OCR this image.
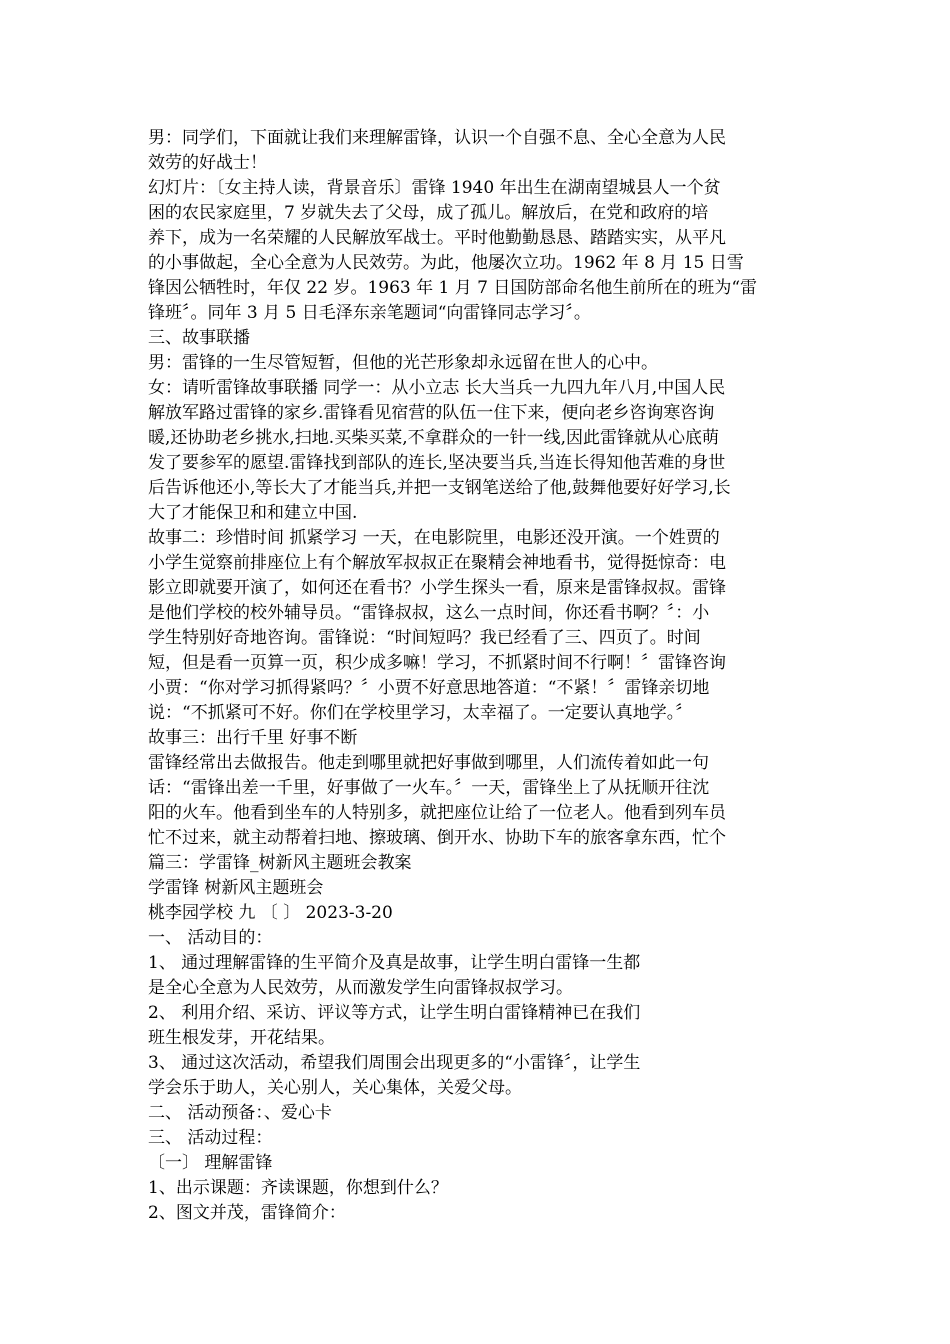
男：同学们，下面就让我们来理解雷锋，认识一个自强不息、全心全意为人民
效劳的好战士！
幻灯片：〔女主持人读，背景音乐〕雷锋 1940 年出生在湖南望城县人一个贫
困的农民家庭里，7 岁就失去了父母，成了孤儿。解放后，在党和政府的培
养下，成为一名荣耀的人民解放军战士。平时他勤勤恳恳、踏踏实实，从平凡
的小事做起，全心全意为人民效劳。为此，他屡次立功。1962 年 8 月 15 日雪
锋因公牺牲时，年仅 22 岁。1963 年 1 月 7 日国防部命名他生前所在的班为“雷
锋班〞。同年 3 月 5 日毛泽东亲笔题词“向雷锋同志学习〞。
三、故事联播
男：雷锋的一生尽管短暂，但他的光芒形象却永远留在世人的心中。
女：请听雷锋故事联播 同学一：从小立志 长大当兵一九四九年八月,中国人民
解放军路过雷锋的家乡.雷锋看见宿营的队伍一住下来，便向老乡咨询寒咨询
暖,还协助老乡挑水,扫地.买柴买菜,不拿群众的一针一线,因此雷锋就从心底萌
发了要参军的愿望.雷锋找到部队的连长,坚决要当兵,当连长得知他苦难的身世
后告诉他还小,等长大了才能当兵,并把一支钢笔送给了他,鼓舞他要好好学习,长
大了才能保卫和和建立中国.
故事二：珍惜时间 抓紧学习 一天，在电影院里，电影还没开演。一个姓贾的
小学生觉察前排座位上有个解放军叔叔正在聚精会神地看书，觉得挺惊奇：电
影立即就要开演了，如何还在看书？小学生探头一看，原来是雷锋叔叔。雷锋
是他们学校的校外辅导员。“雷锋叔叔，这么一点时间，你还看书啊？〞：小
学生特别好奇地咨询。雷锋说：“时间短吗？我已经看了三、四页了。时间
短，但是看一页算一页，积少成多嘛！学习，不抓紧时间不行啊！〞雷锋咨询
小贾：“你对学习抓得紧吗？〞小贾不好意思地答道：“不紧！〞雷锋亲切地
说：“不抓紧可不好。你们在学校里学习，太幸福了。一定要认真地学。〞
故事三：出行千里 好事不断
雷锋经常出去做报告。他走到哪里就把好事做到哪里，人们流传着如此一句
话：“雷锋出差一千里，好事做了一火车。〞一天，雷锋坐上了从抚顺开往沈
阳的火车。他看到坐车的人特别多，就把座位让给了一位老人。他看到列车员
忙不过来，就主动帮着扫地、擦玻璃、倒开水、协助下车的旅客拿东西，忙个
篇三：学雷锋_树新风主题班会教案
学雷锋 树新风主题班会
桃李园学校 九 〔 〕 2023-3-20
一、 活动目的：
1、 通过理解雷锋的生平简介及真是故事，让学生明白雷锋一生都
是全心全意为人民效劳，从而激发学生向雷锋叔叔学习。
2、 利用介绍、采访、评议等方式，让学生明白雷锋精神已在我们
班生根发芽，开花结果。
3、 通过这次活动，希望我们周围会出现更多的“小雷锋〞，让学生
学会乐于助人，关心别人，关心集体，关爱父母。
二、 活动预备：、爱心卡
三、 活动过程：
〔一〕 理解雷锋
1、出示课题：齐读课题，你想到什么？
2、图文并茂，雷锋简介：
